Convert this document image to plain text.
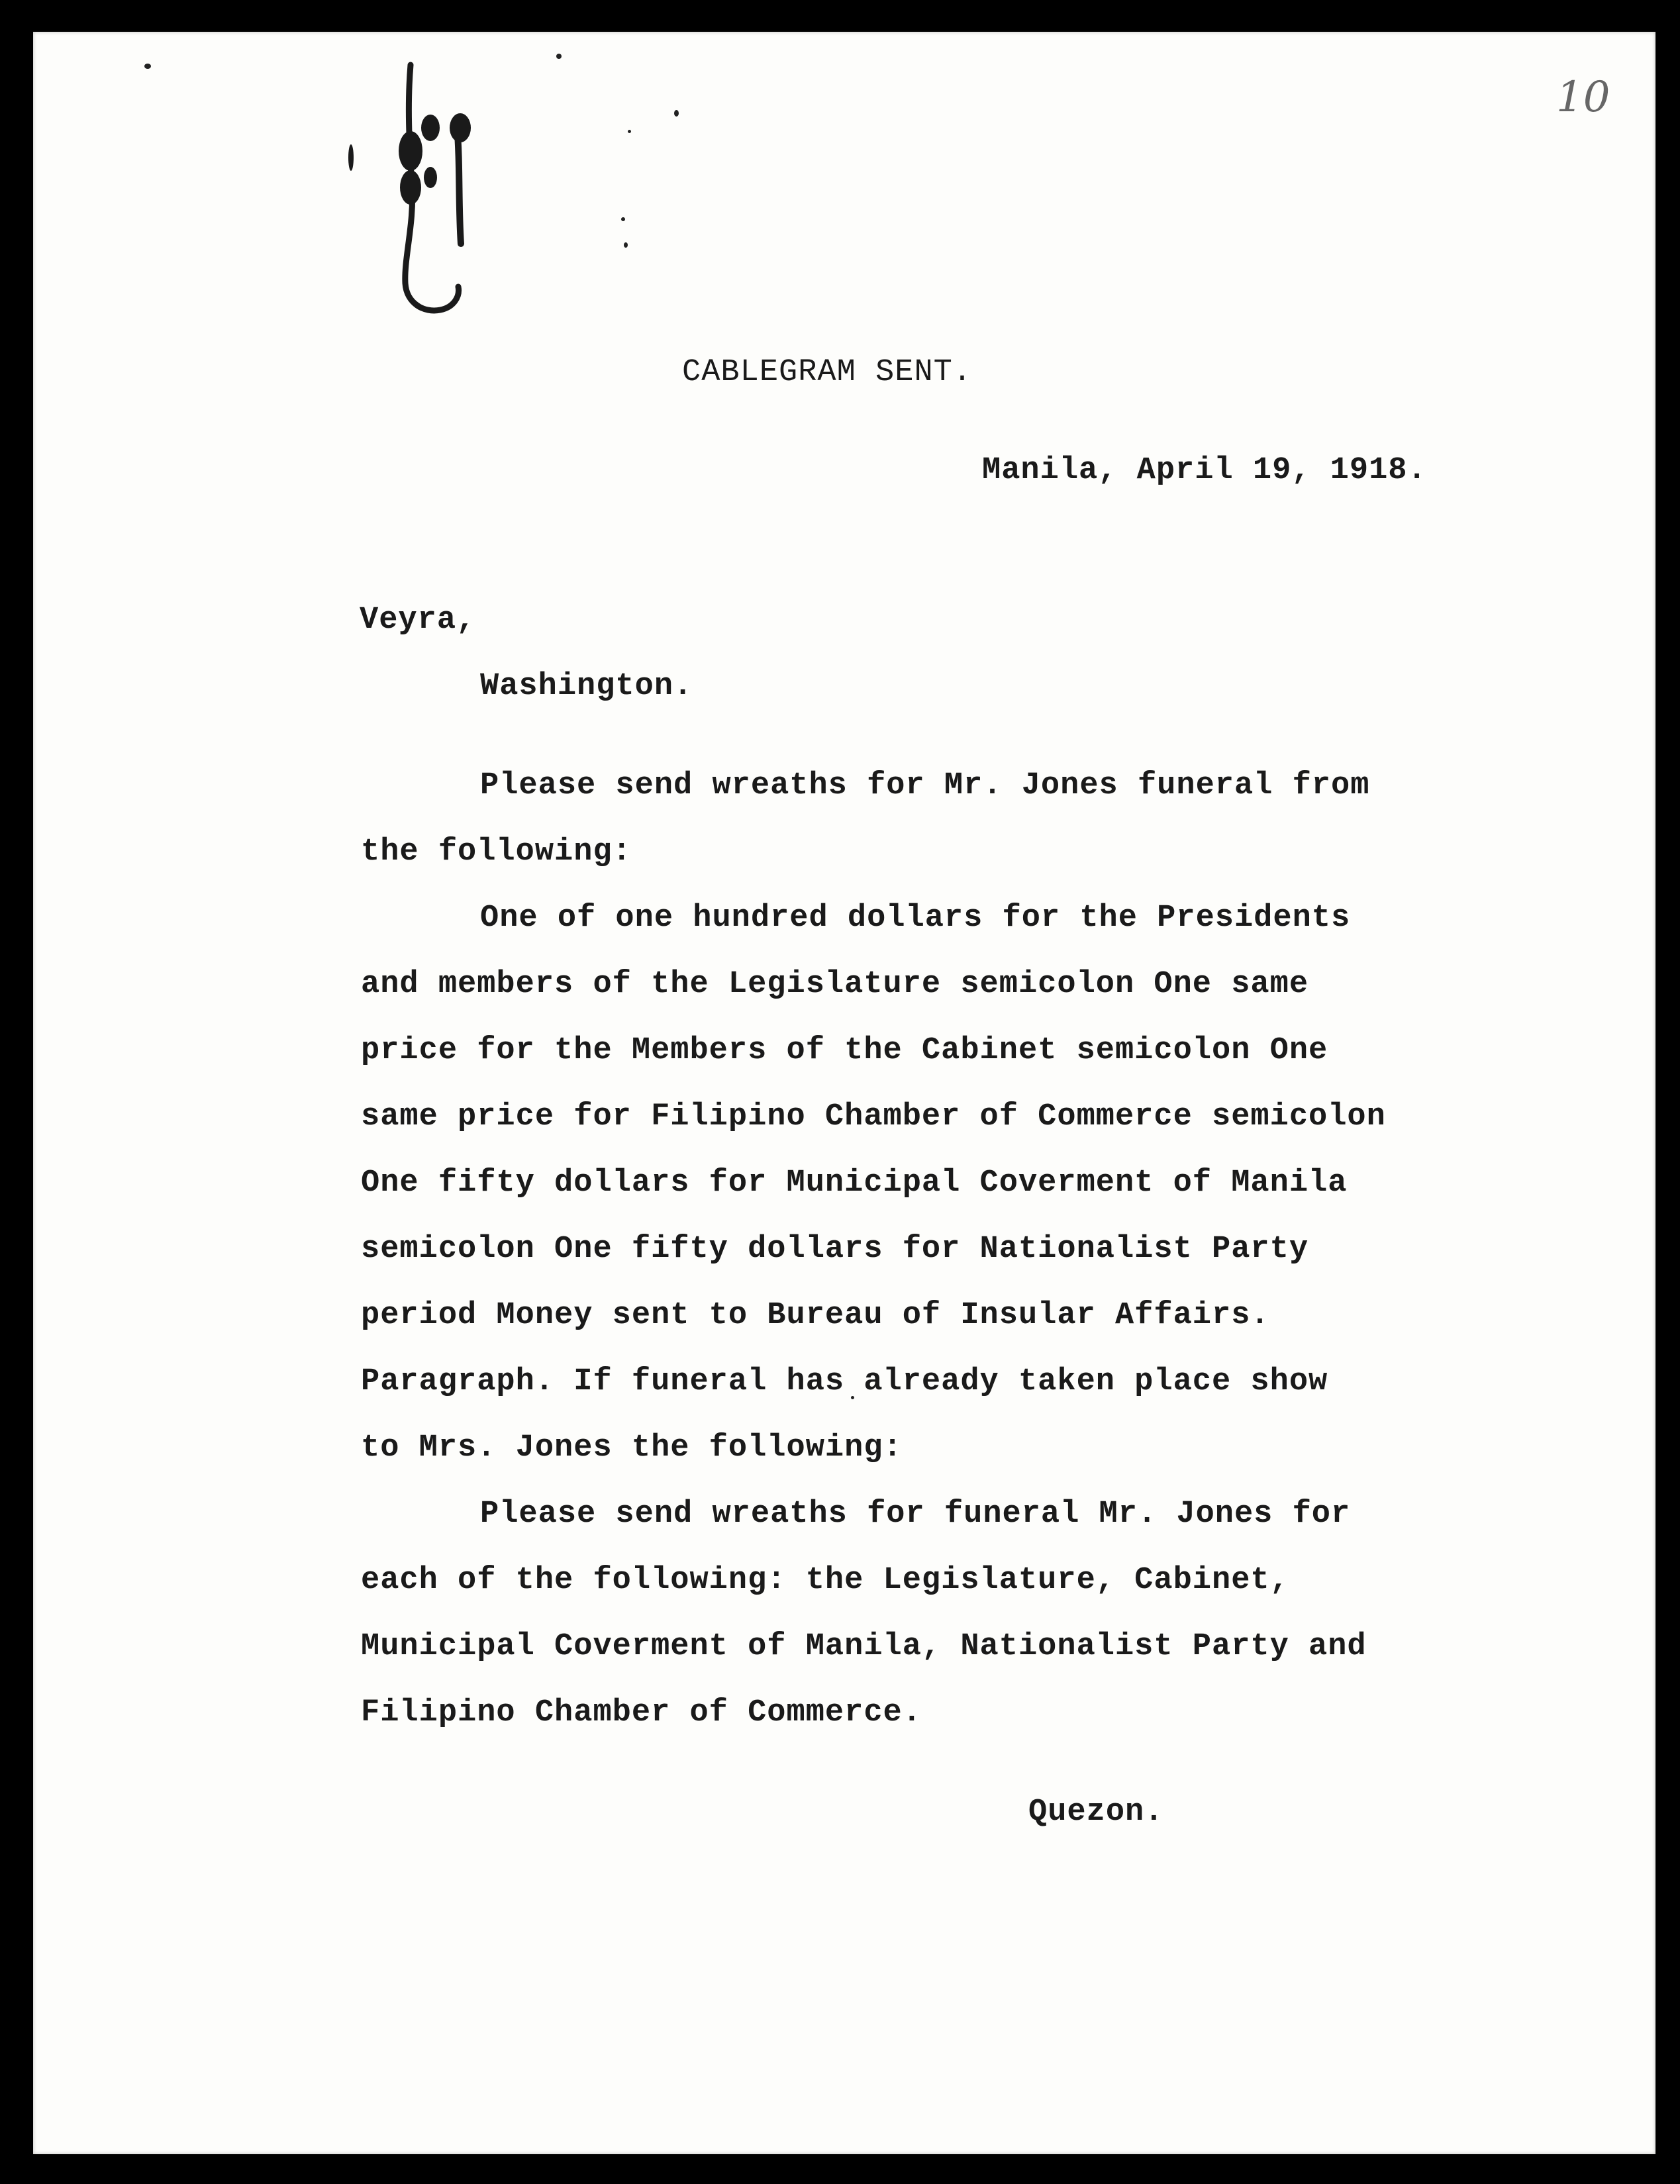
10
CABLEGRAM SENT.
Manila, April 19, 1918.
Veyra,
Washington.
Please send wreaths for Mr. Jones funeral from
the following:
One of one hundred dollars for the Presidents
and members of the Legislature semicolon One same
price for the Members of the Cabinet semicolon One
same price for Filipino Chamber of Commerce semicolon
One fifty dollars for Municipal Coverment of Manila
semicolon One fifty dollars for Nationalist Party
period Money sent to Bureau of Insular Affairs.
Paragraph. If funeral has already taken place show
to Mrs. Jones the following:
Please send wreaths for funeral Mr. Jones for
each of the following: the Legislature, Cabinet,
Municipal Coverment of Manila, Nationalist Party and
Filipino Chamber of Commerce.
Quezon.
